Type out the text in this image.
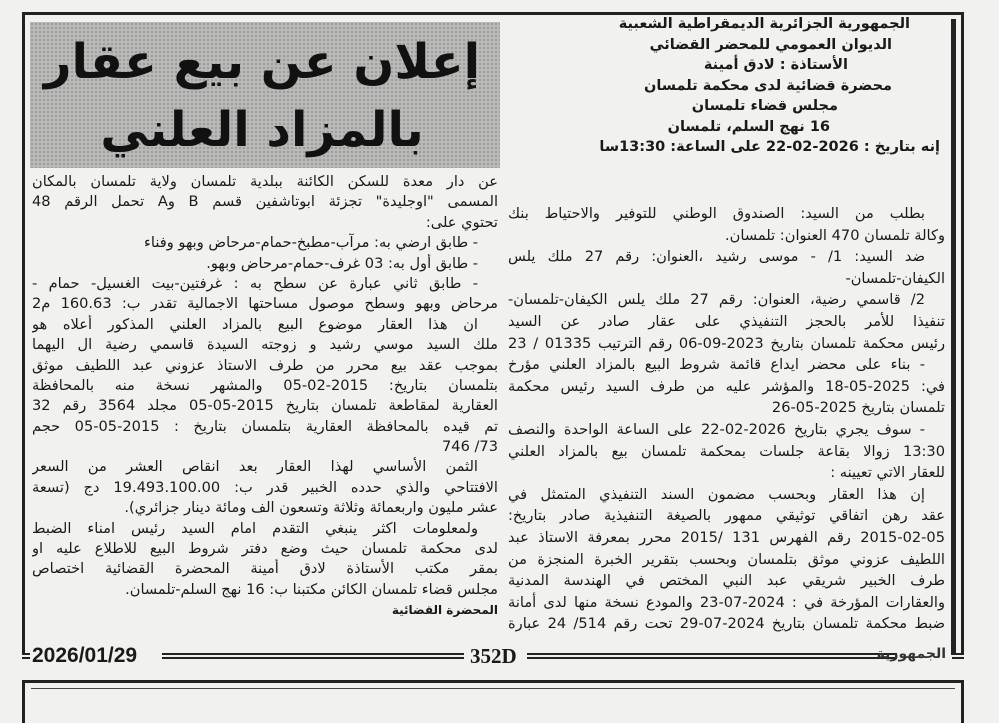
إعلان عن بيع عقار
بالمزاد العلني
الجمهورية الجزائرية الديمقراطية الشعبية
الديوان العمومي للمحضر القضائي
الأستاذة : لادق أمينة
محضرة قضائية لدى محكمة تلمسان
مجلس قضاء تلمسان
16 نهج السلم، تلمسان
إنه بتاريخ : 2026-02-22 على الساعة: 13:30سا
بطلب من السيد: الصندوق الوطني للتوفير والاحتياط بنك
وكالة تلمسان 470 العنوان: تلمسان.
ضد السيد: 1/ - موسى رشيد ،العنوان: رقم 27 ملك يلس
الكيفان-تلمسان-
2/ قاسمي رضية، العنوان: رقم 27 ملك يلس الكيفان-تلمسان-
تنفيذا للأمر بالحجز التنفيذي على عقار صادر عن السيد
رئيس محكمة تلمسان بتاريخ 2023-09-06 رقم الترتيب 01335 / 23
- بناء على محضر ايداع قائمة شروط البيع بالمزاد العلني مؤرخ
في: 2025-05-18 والمؤشر عليه من طرف السيد رئيس محكمة
تلمسان بتاريخ 2025-05-26
- سوف يجري بتاريخ 2026-02-22 على الساعة الواحدة والنصف
13:30 زوالا بقاعة جلسات بمحكمة تلمسان بيع بالمزاد العلني
للعقار الاتي تعيينه :
إن هذا العقار وبحسب مضمون السند التنفيذي المتمثل في
عقد رهن اتفاقي توثيقي ممهور بالصيغة التنفيذية صادر بتاريخ:
2015-02-05 رقم الفهرس 131 /2015 محرر بمعرفة الاستاذ عبد
اللطيف عزوني موثق بتلمسان وبحسب بتقرير الخبرة المنجزة من
طرف الخبير شريقي عبد النبي المختص في الهندسة المدنية
والعقارات المؤرخة في : 2024-07-23 والمودع نسخة منها لدى أمانة
ضبط محكمة تلمسان بتاريخ 2024-07-29 تحت رقم 514/ 24 عبارة
عن دار معدة للسكن الكائنة ببلدية تلمسان ولاية تلمسان بالمكان
المسمى "اوجليدة" تجزئة ابوتاشفين قسم B وA تحمل الرقم 48
تحتوي على:
- طابق ارضي به: مرآب-مطبخ-حمام-مرحاض وبهو وفناء
- طابق أول به: 03 غرف-حمام-مرحاض وبهو.
- طابق ثاني عبارة عن سطح به : غرفتين-بيت الغسيل- حمام -
مرحاض وبهو وسطح موصول مساحتها الاجمالية تقدر ب: 160.63 م2
ان هذا العقار موضوع البيع بالمزاد العلني المذكور أعلاه هو
ملك السيد موسي رشيد و زوجته السيدة قاسمي رضية ال اليهما
بموجب عقد بيع محرر من طرف الاستاذ عزوني عبد اللطيف موثق
بتلمسان بتاريخ: 2015-02-05 والمشهر نسخة منه بالمحافظة
العقارية لمقاطعة تلمسان بتاريخ 2015-05-05 مجلد 3564 رقم 32
تم قيده بالمحافظة العقارية بتلمسان بتاريخ : 2015-05-05 حجم
746 /73
الثمن الأساسي لهذا العقار بعد انقاص العشر من السعر
الافتتاحي والذي حدده الخبير قدر ب: 19.493.100.00 دج (تسعة
عشر مليون واربعمائة وثلاثة وتسعون الف ومائة دينار جزائري).
ولمعلومات اكثر ينبغي التقدم امام السيد رئيس امناء الضبط
لدى محكمة تلمسان حيث وضع دفتر شروط البيع للاطلاع عليه او
بمقر مكتب الأستاذة لادق أمينة المحضرة القضائية اختصاص
مجلس قضاء تلمسان الكائن مكتبنا ب: 16 نهج السلم-تلمسان.
المحضرة القضائية
2026/01/29	352D	الجمهورية
